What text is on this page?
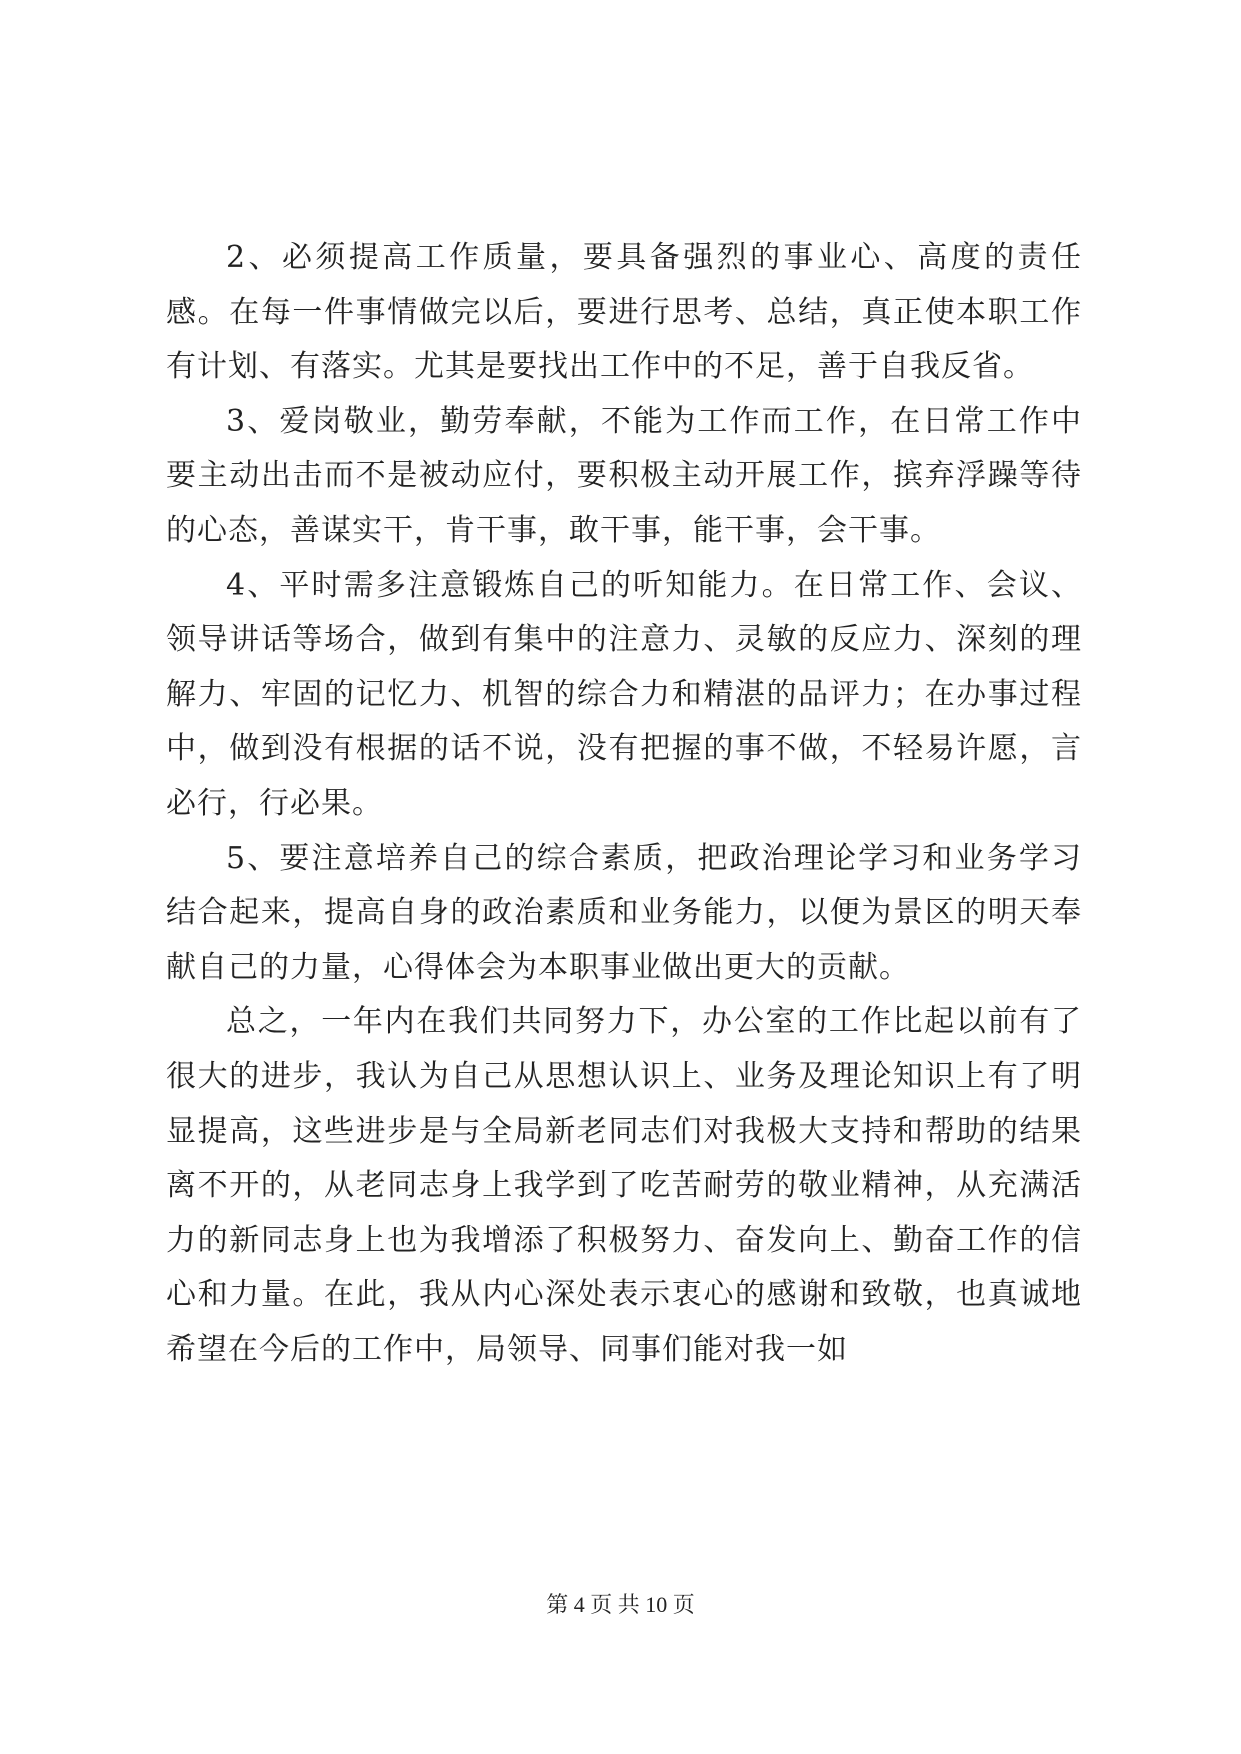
2、必须提高工作质量，要具备强烈的事业心、高度的责任感。在每一件事情做完以后，要进行思考、总结，真正使本职工作有计划、有落实。尤其是要找出工作中的不足，善于自我反省。

3、爱岗敬业，勤劳奉献，不能为工作而工作，在日常工作中要主动出击而不是被动应付，要积极主动开展工作，摈弃浮躁等待的心态，善谋实干，肯干事，敢干事，能干事，会干事。

4、平时需多注意锻炼自己的听知能力。在日常工作、会议、领导讲话等场合，做到有集中的注意力、灵敏的反应力、深刻的理解力、牢固的记忆力、机智的综合力和精湛的品评力；在办事过程中，做到没有根据的话不说，没有把握的事不做，不轻易许愿，言必行，行必果。

5、要注意培养自己的综合素质，把政治理论学习和业务学习结合起来，提高自身的政治素质和业务能力，以便为景区的明天奉献自己的力量，心得体会为本职事业做出更大的贡献。

总之，一年内在我们共同努力下，办公室的工作比起以前有了很大的进步，我认为自己从思想认识上、业务及理论知识上有了明显提高，这些进步是与全局新老同志们对我极大支持和帮助的结果离不开的，从老同志身上我学到了吃苦耐劳的敬业精神，从充满活力的新同志身上也为我增添了积极努力、奋发向上、勤奋工作的信心和力量。在此，我从内心深处表示衷心的感谢和致敬，也真诚地希望在今后的工作中，局领导、同事们能对我一如

第 4 页 共 10 页
